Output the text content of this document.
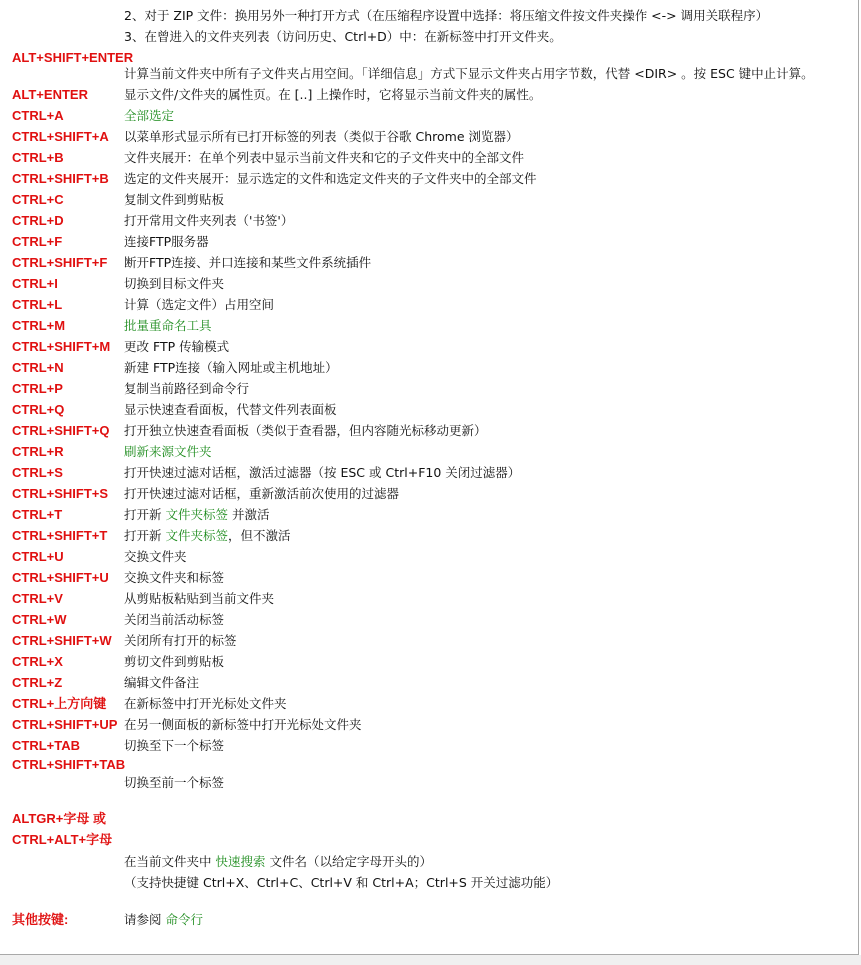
2、对于 ZIP 文件：换用另外一种打开方式（在压缩程序设置中选择：将压缩文件按文件夹操作 <-> 调用关联程序）
3、在曾进入的文件夹列表（访问历史、Ctrl+D）中：在新标签中打开文件夹。
ALT+SHIFT+ENTER
计算当前文件夹中所有子文件夹占用空间。「详细信息」方式下显示文件夹占用字节数，代替 <DIR> 。按 ESC 键中止计算。
ALT+ENTER	显示文件/文件夹的属性页。在 [..] 上操作时，它将显示当前文件夹的属性。
CTRL+A	全部选定
CTRL+SHIFT+A 以菜单形式显示所有已打开标签的列表（类似于谷歌 Chrome 浏览器）
CTRL+B	文件夹展开：在单个列表中显示当前文件夹和它的子文件夹中的全部文件
CTRL+SHIFT+B 选定的文件夹展开：显示选定的文件和选定文件夹的子文件夹中的全部文件
CTRL+C	复制文件到剪贴板
CTRL+D	打开常用文件夹列表（'书签'）
CTRL+F	连接FTP服务器
CTRL+SHIFT+F 断开FTP连接、并口连接和某些文件系统插件
CTRL+I	切换到目标文件夹
CTRL+L	计算（选定文件）占用空间
CTRL+M	批量重命名工具
CTRL+SHIFT+M 更改 FTP 传输模式
CTRL+N	新建 FTP连接（输入网址或主机地址）
CTRL+P	复制当前路径到命令行
CTRL+Q	显示快速查看面板，代替文件列表面板
CTRL+SHIFT+Q 打开独立快速查看面板（类似于查看器，但内容随光标移动更新）
CTRL+R	刷新来源文件夹
CTRL+S	打开快速过滤对话框，激活过滤器（按 ESC 或 Ctrl+F10 关闭过滤器）
CTRL+SHIFT+S 打开快速过滤对话框，重新激活前次使用的过滤器
CTRL+T	打开新 文件夹标签 并激活
CTRL+SHIFT+T 打开新 文件夹标签，但不激活
CTRL+U	交换文件夹
CTRL+SHIFT+U 交换文件夹和标签
CTRL+V	从剪贴板粘贴到当前文件夹
CTRL+W	关闭当前活动标签
CTRL+SHIFT+W 关闭所有打开的标签
CTRL+X	剪切文件到剪贴板
CTRL+Z	编辑文件备注
CTRL+上方向键 在新标签中打开光标处文件夹
CTRL+SHIFT+UP 在另一侧面板的新标签中打开光标处文件夹
CTRL+TAB	切换至下一个标签
CTRL+SHIFT+TAB
切换至前一个标签
ALTGR+字母 或
CTRL+ALT+字母
在当前文件夹中 快速搜索 文件名（以给定字母开头的）
（支持快捷键 Ctrl+X、Ctrl+C、Ctrl+V 和 Ctrl+A；Ctrl+S 开关过滤功能）
其他按键:	请参阅 命令行
